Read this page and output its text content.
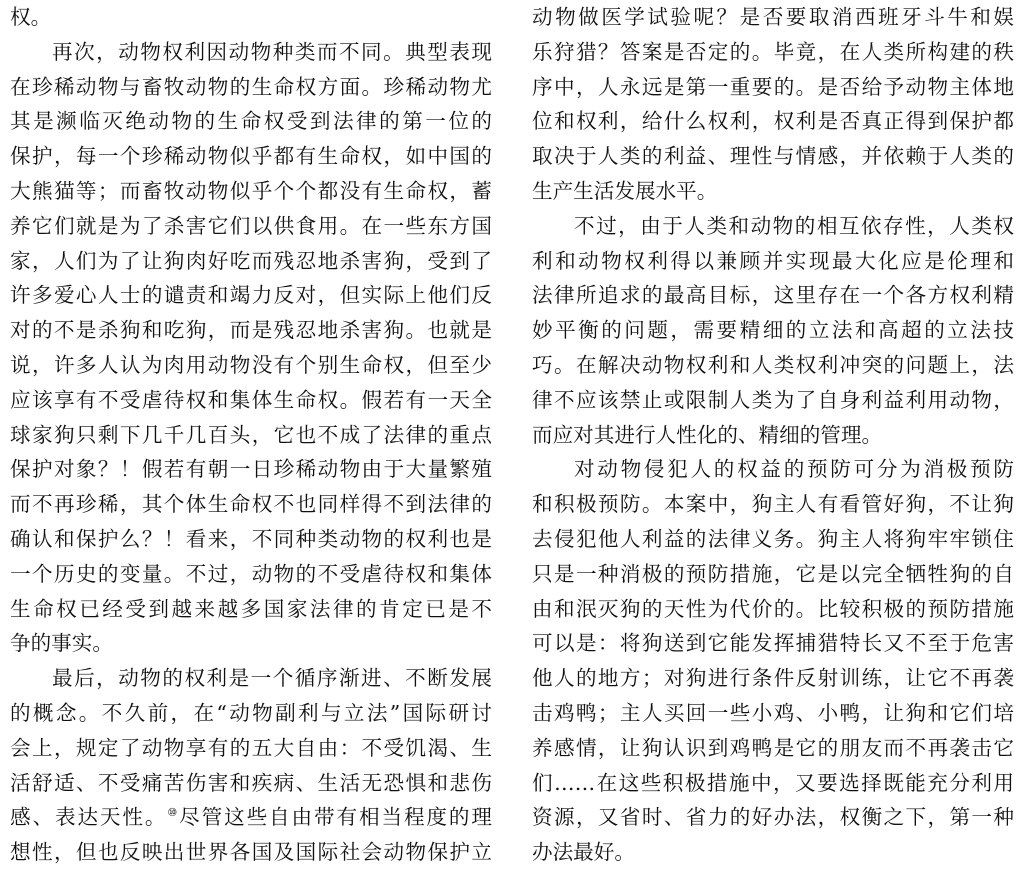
权。
再次，动物权利因动物种类而不同。典型表现
在珍稀动物与畜牧动物的生命权方面。珍稀动物尤
其是濒临灭绝动物的生命权受到法律的第一位的
保护，每一个珍稀动物似乎都有生命权，如中国的
大熊猫等；而畜牧动物似乎个个都没有生命权，蓄
养它们就是为了杀害它们以供食用。在一些东方国
家，人们为了让狗肉好吃而残忍地杀害狗，受到了
许多爱心人士的谴责和竭力反对，但实际上他们反
对的不是杀狗和吃狗，而是残忍地杀害狗。也就是
说，许多人认为肉用动物没有个别生命权，但至少
应该享有不受虐待权和集体生命权。假若有一天全
球家狗只剩下几千几百头，它也不成了法律的重点
保护对象？！假若有朝一日珍稀动物由于大量繁殖
而不再珍稀，其个体生命权不也同样得不到法律的
确认和保护么？！看来，不同种类动物的权利也是
一个历史的变量。不过，动物的不受虐待权和集体
生命权已经受到越来越多国家法律的肯定已是不
争的事实。
最后，动物的权利是一个循序渐进、不断发展
的概念。不久前，在“动物副利与立法”国际研讨
会上，规定了动物享有的五大自由：不受饥渴、生
活舒适、不受痛苦伤害和疾病、生活无恐惧和悲伤
感、表达天性。⑩尽管这些自由带有相当程度的理
想性，但也反映出世界各国及国际社会动物保护立
动物做医学试验呢？是否要取消西班牙斗牛和娱
乐狩猎？答案是否定的。毕竟，在人类所构建的秩
序中，人永远是第一重要的。是否给予动物主体地
位和权利，给什么权利，权利是否真正得到保护都
取决于人类的利益、理性与情感，并依赖于人类的
生产生活发展水平。
不过，由于人类和动物的相互依存性，人类权
利和动物权利得以兼顾并实现最大化应是伦理和
法律所追求的最高目标，这里存在一个各方权利精
妙平衡的问题，需要精细的立法和高超的立法技
巧。在解决动物权利和人类权利冲突的问题上，法
律不应该禁止或限制人类为了自身利益利用动物，
而应对其进行人性化的、精细的管理。
对动物侵犯人的权益的预防可分为消极预防
和积极预防。本案中，狗主人有看管好狗，不让狗
去侵犯他人利益的法律义务。狗主人将狗牢牢锁住
只是一种消极的预防措施，它是以完全牺牲狗的自
由和泯灭狗的天性为代价的。比较积极的预防措施
可以是：将狗送到它能发挥捕猎特长又不至于危害
他人的地方；对狗进行条件反射训练，让它不再袭
击鸡鸭；主人买回一些小鸡、小鸭，让狗和它们培
养感情，让狗认识到鸡鸭是它的朋友而不再袭击它
们……在这些积极措施中，又要选择既能充分利用
资源，又省时、省力的好办法，权衡之下，第一种
办法最好。
